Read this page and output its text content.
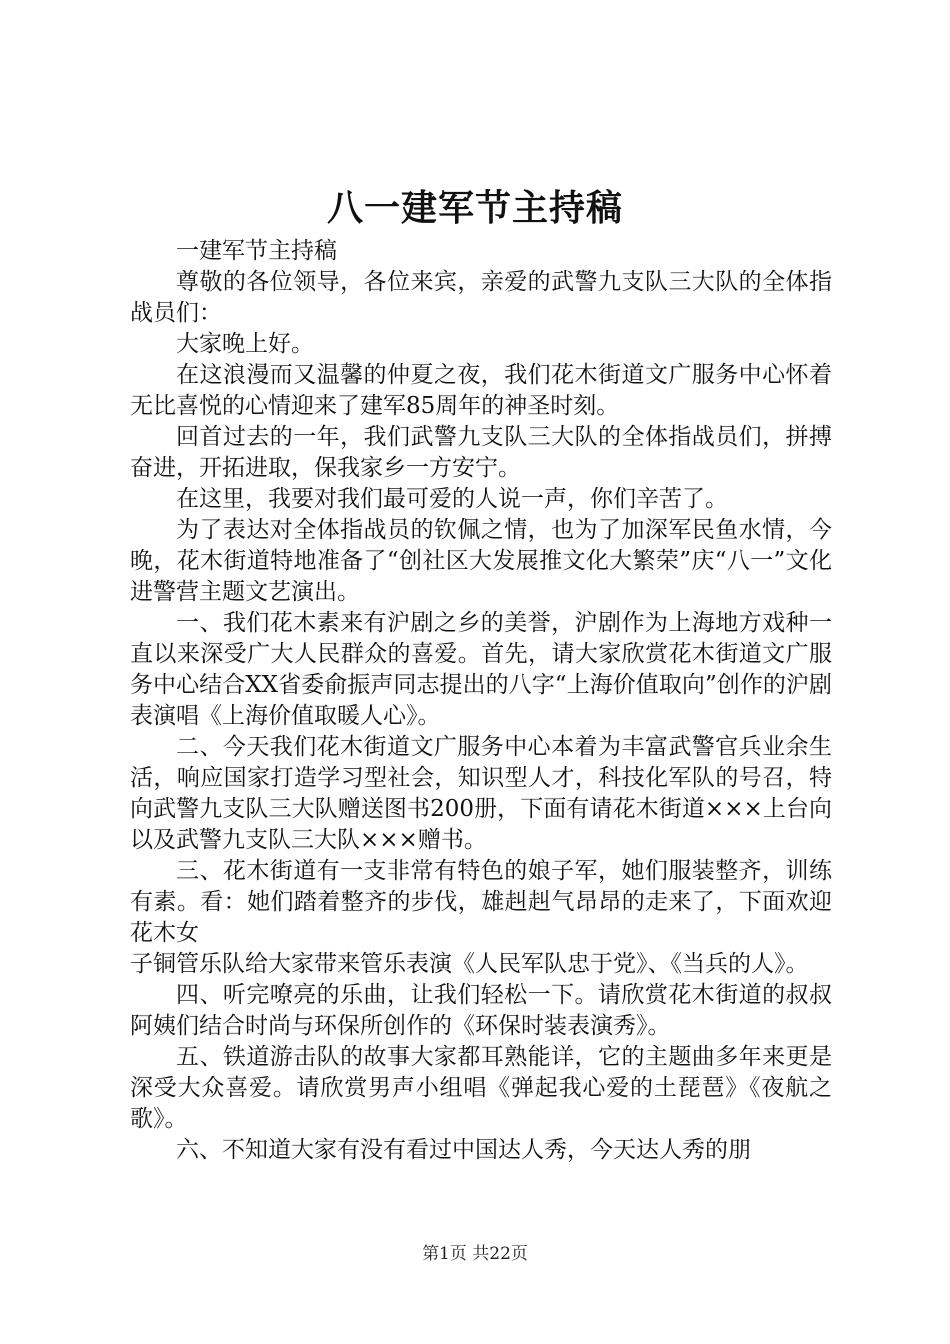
八一建军节主持稿

一建军节主持稿

尊敬的各位领导，各位来宾，亲爱的武警九支队三大队的全体指战员们：

大家晚上好。

在这浪漫而又温馨的仲夏之夜，我们花木街道文广服务中心怀着无比喜悦的心情迎来了建军85周年的神圣时刻。

回首过去的一年，我们武警九支队三大队的全体指战员们，拼搏奋进，开拓进取，保我家乡一方安宁。

在这里，我要对我们最可爱的人说一声，你们辛苦了。

为了表达对全体指战员的钦佩之情，也为了加深军民鱼水情，今晚，花木街道特地准备了“创社区大发展推文化大繁荣”庆“八一”文化进警营主题文艺演出。

一、我们花木素来有沪剧之乡的美誉，沪剧作为上海地方戏种一直以来深受广大人民群众的喜爱。首先，请大家欣赏花木街道文广服务中心结合XX省委俞振声同志提出的八字“上海价值取向”创作的沪剧表演唱《上海价值取暖人心》。

二、今天我们花木街道文广服务中心本着为丰富武警官兵业余生活，响应国家打造学习型社会，知识型人才，科技化军队的号召，特向武警九支队三大队赠送图书200册，下面有请花木街道×××上台向以及武警九支队三大队×××赠书。

三、花木街道有一支非常有特色的娘子军，她们服装整齐，训练有素。看：她们踏着整齐的步伐，雄赳赳气昂昂的走来了，下面欢迎花木女

子铜管乐队给大家带来管乐表演《人民军队忠于党》、《当兵的人》。

四、听完嘹亮的乐曲，让我们轻松一下。请欣赏花木街道的叔叔阿姨们结合时尚与环保所创作的《环保时装表演秀》。

五、铁道游击队的故事大家都耳熟能详，它的主题曲多年来更是深受大众喜爱。请欣赏男声小组唱《弹起我心爱的土琵琶》《夜航之歌》。

六、不知道大家有没有看过中国达人秀，今天达人秀的朋

第1页 共22页
